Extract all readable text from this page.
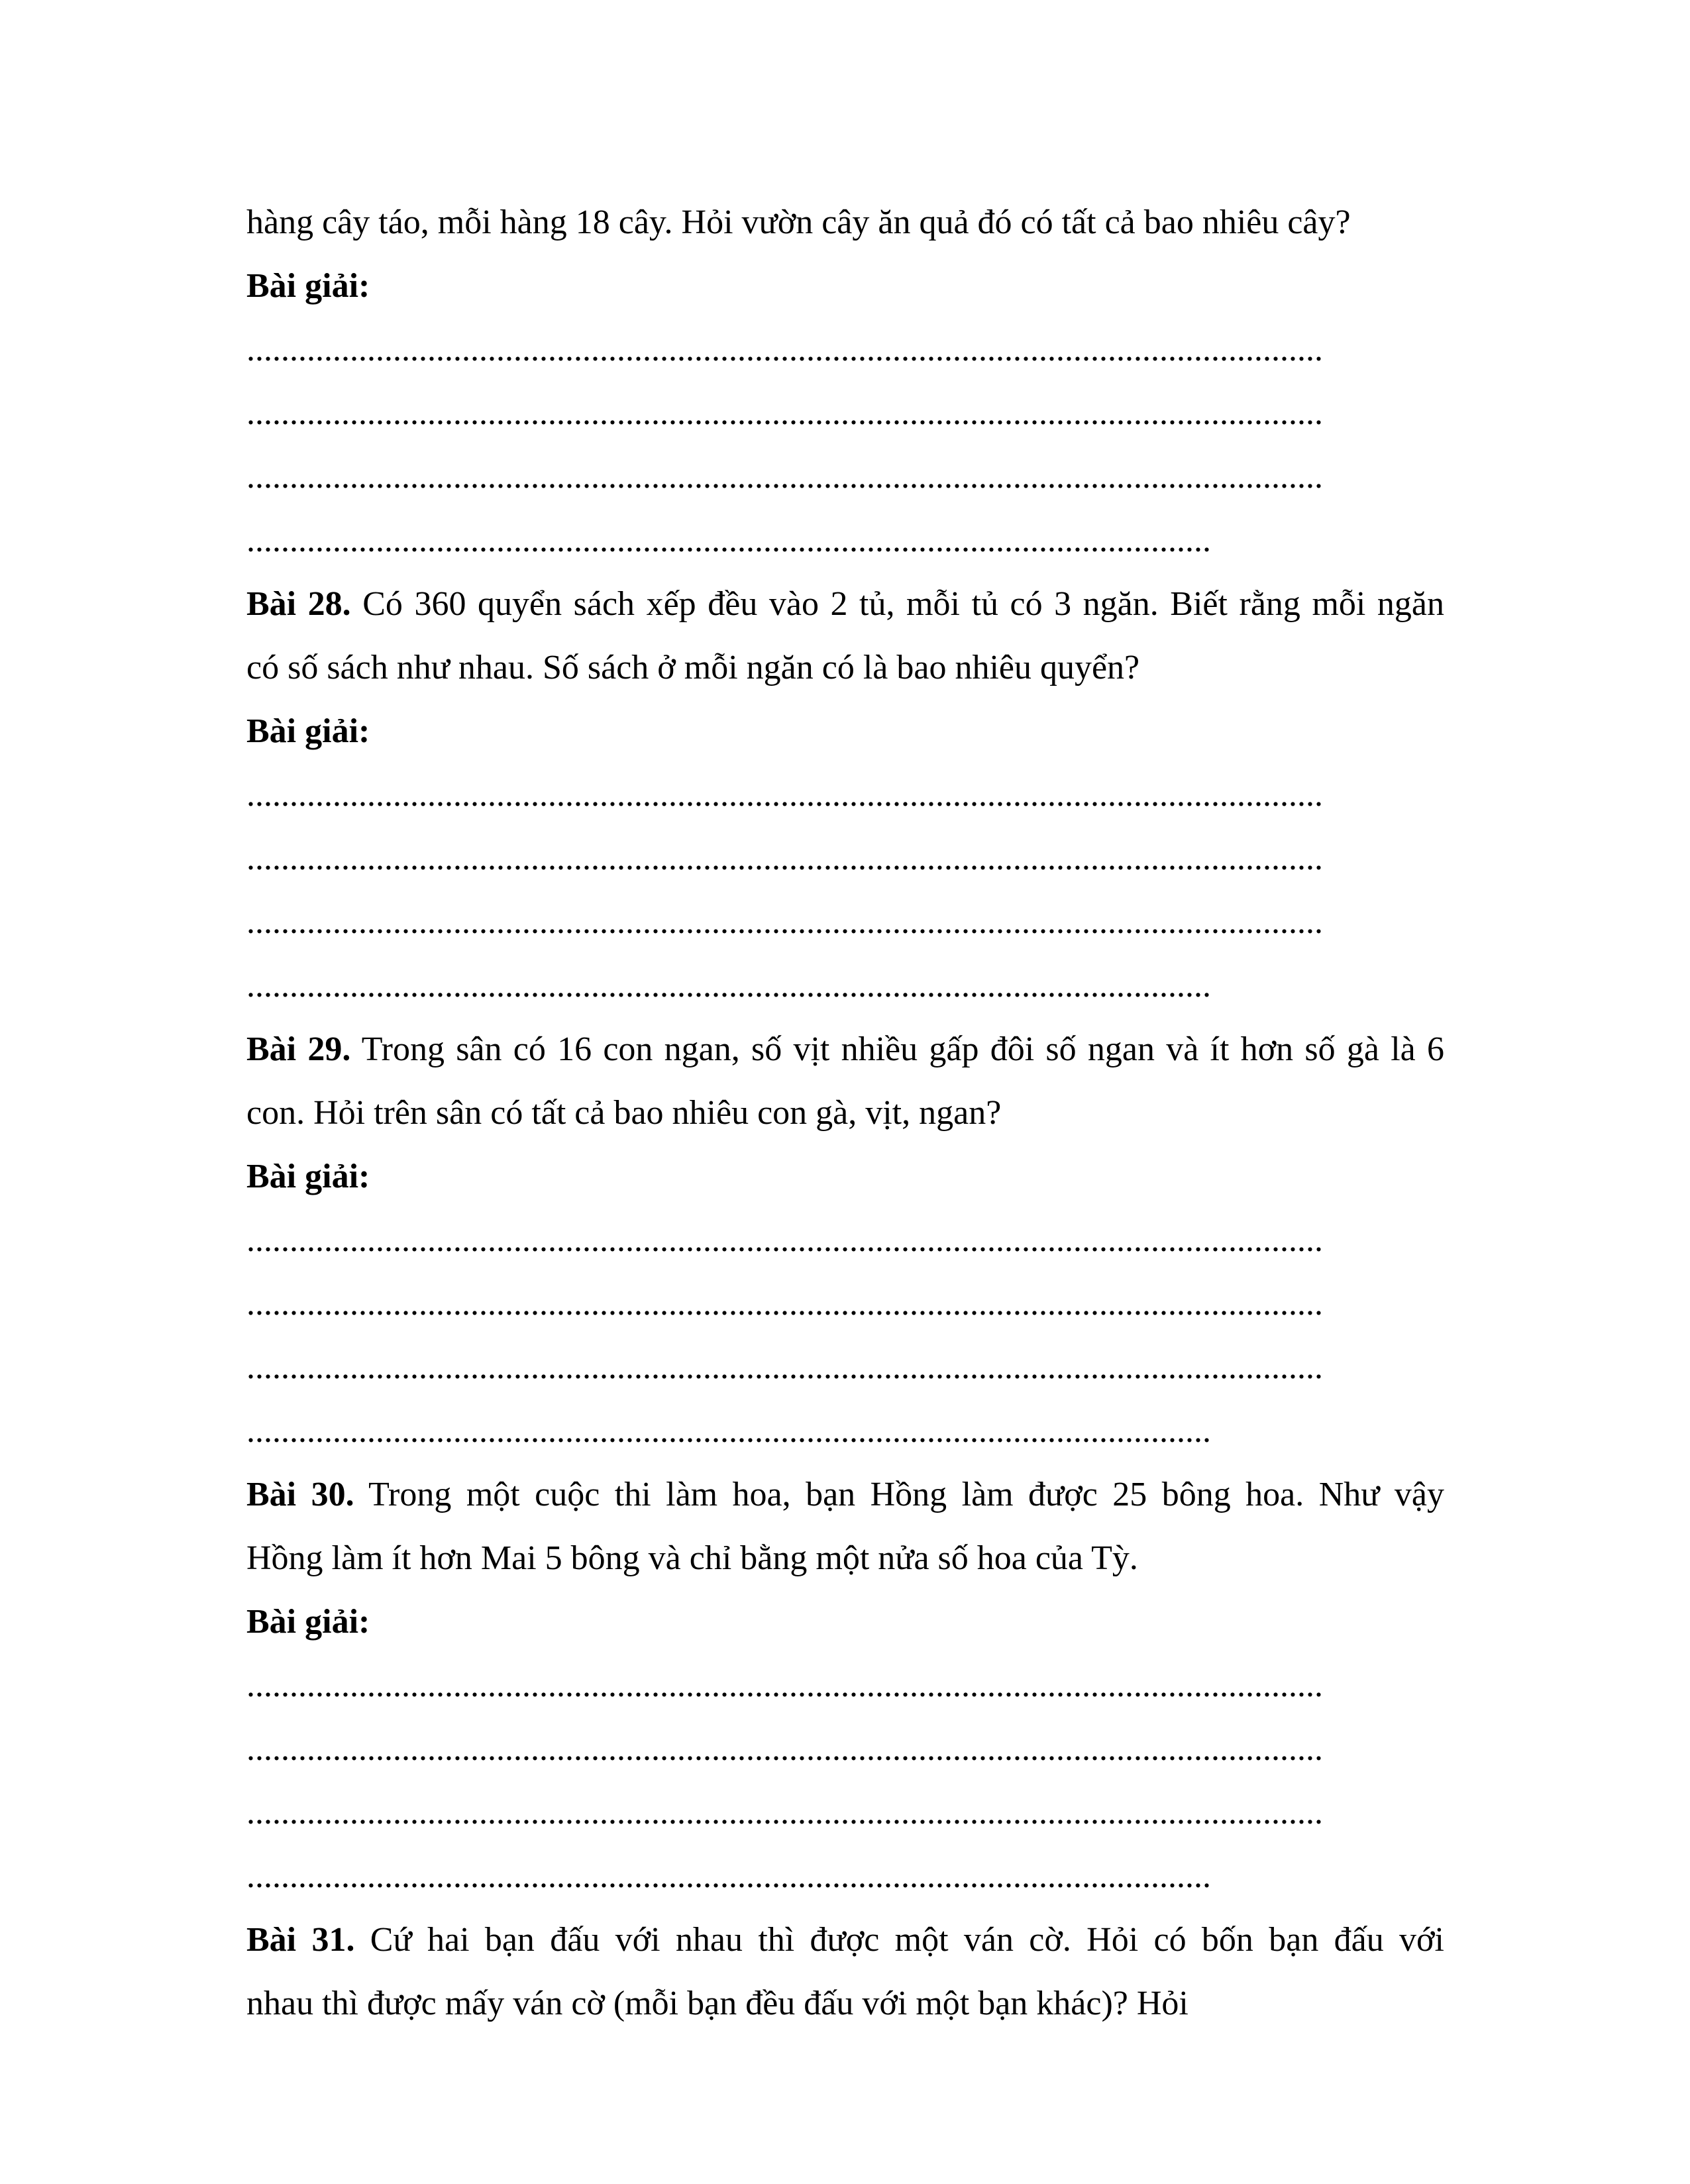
hàng cây táo, mỗi hàng 18 cây. Hỏi vườn cây ăn quả đó có tất cả bao nhiêu cây?
Bài giải:
.............................................................................................................................
.............................................................................................................................
.............................................................................................................................
................................................................................................................
Bài 28. Có 360 quyển sách xếp đều vào 2 tủ, mỗi tủ có 3 ngăn. Biết rằng mỗi ngăn
có số sách như nhau. Số sách ở mỗi ngăn có là bao nhiêu quyển?
Bài giải:
.............................................................................................................................
.............................................................................................................................
.............................................................................................................................
................................................................................................................
Bài 29. Trong sân có 16 con ngan, số vịt nhiều gấp đôi số ngan và ít hơn số gà là 6
con. Hỏi trên sân có tất cả bao nhiêu con gà, vịt, ngan?
Bài giải:
.............................................................................................................................
.............................................................................................................................
.............................................................................................................................
................................................................................................................
Bài 30. Trong một cuộc thi làm hoa, bạn Hồng làm được 25 bông hoa. Như vậy
Hồng làm ít hơn Mai 5 bông và chỉ bằng một nửa số hoa của Tỳ.
Bài giải:
.............................................................................................................................
.............................................................................................................................
.............................................................................................................................
................................................................................................................
Bài 31. Cứ hai bạn đấu với nhau thì được một ván cờ. Hỏi có bốn bạn đấu với
nhau thì được mấy ván cờ (mỗi bạn đều đấu với một bạn khác)? Hỏi
